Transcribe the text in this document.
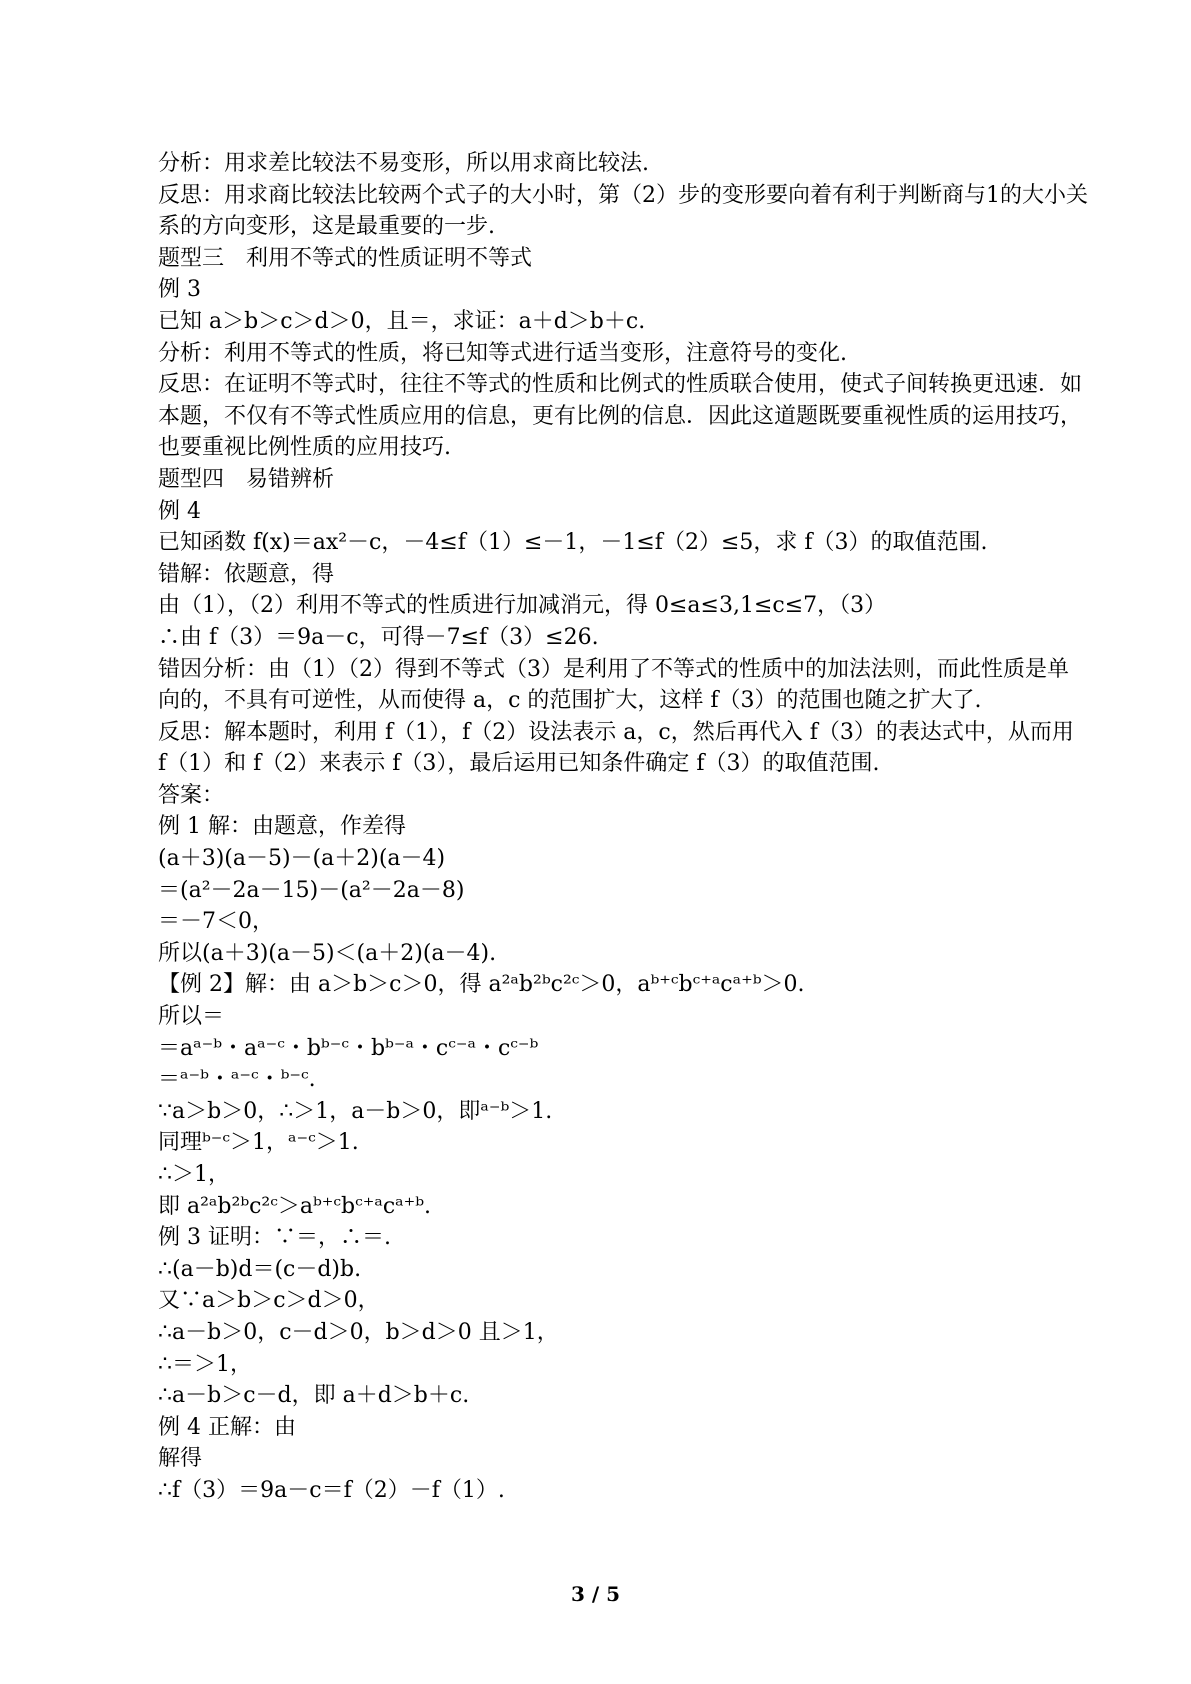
分析：用求差比较法不易变形，所以用求商比较法.
反思：用求商比较法比较两个式子的大小时，第（2）步的变形要向着有利于判断商与1的大小关系的方向变形，这是最重要的一步.
题型三　利用不等式的性质证明不等式
例 3
已知 a＞b＞c＞d＞0，且＝，求证：a＋d＞b＋c.
分析：利用不等式的性质，将已知等式进行适当变形，注意符号的变化.
反思：在证明不等式时，往往不等式的性质和比例式的性质联合使用，使式子间转换更迅速．如本题，不仅有不等式性质应用的信息，更有比例的信息．因此这道题既要重视性质的运用技巧，也要重视比例性质的应用技巧.
题型四　易错辨析
例 4
已知函数 f(x)＝ax²－c，－4≤f（1）≤－1，－1≤f（2）≤5，求 f（3）的取值范围.
错解：依题意，得
由（1），（2）利用不等式的性质进行加减消元，得 0≤a≤3,1≤c≤7，（3）
∴由 f（3）＝9a－c，可得－7≤f（3）≤26.
错因分析：由（1）（2）得到不等式（3）是利用了不等式的性质中的加法法则，而此性质是单向的，不具有可逆性，从而使得 a，c 的范围扩大，这样 f（3）的范围也随之扩大了.
反思：解本题时，利用 f（1），f（2）设法表示 a，c，然后再代入 f（3）的表达式中，从而用 f（1）和 f（2）来表示 f（3），最后运用已知条件确定 f（3）的取值范围.
答案：
例 1 解：由题意，作差得
(a＋3)(a－5)－(a＋2)(a－4)
＝(a²－2a－15)－(a²－2a－8)
＝－7＜0，
所以(a＋3)(a－5)＜(a＋2)(a－4).
【例 2】解：由 a＞b＞c＞0，得 a²ᵃb²ᵇc²ᶜ＞0，aᵇ⁺ᶜbᶜ⁺ᵃcᵃ⁺ᵇ＞0.
所以＝
＝aᵃ⁻ᵇ・aᵃ⁻ᶜ・bᵇ⁻ᶜ・bᵇ⁻ᵃ・cᶜ⁻ᵃ・cᶜ⁻ᵇ
＝ᵃ⁻ᵇ・ᵃ⁻ᶜ・ᵇ⁻ᶜ.
∵a＞b＞0，∴＞1，a－b＞0，即ᵃ⁻ᵇ＞1.
同理ᵇ⁻ᶜ＞1，ᵃ⁻ᶜ＞1.
∴＞1，
即 a²ᵃb²ᵇc²ᶜ＞aᵇ⁺ᶜbᶜ⁺ᵃcᵃ⁺ᵇ.
例 3 证明：∵＝，∴＝.
∴(a－b)d＝(c－d)b.
又∵a＞b＞c＞d＞0，
∴a－b＞0，c－d＞0，b＞d＞0 且＞1，
∴＝＞1，
∴a－b＞c－d，即 a＋d＞b＋c.
例 4 正解：由
解得
∴f（3）＝9a－c＝f（2）－f（1）.
3 / 5
